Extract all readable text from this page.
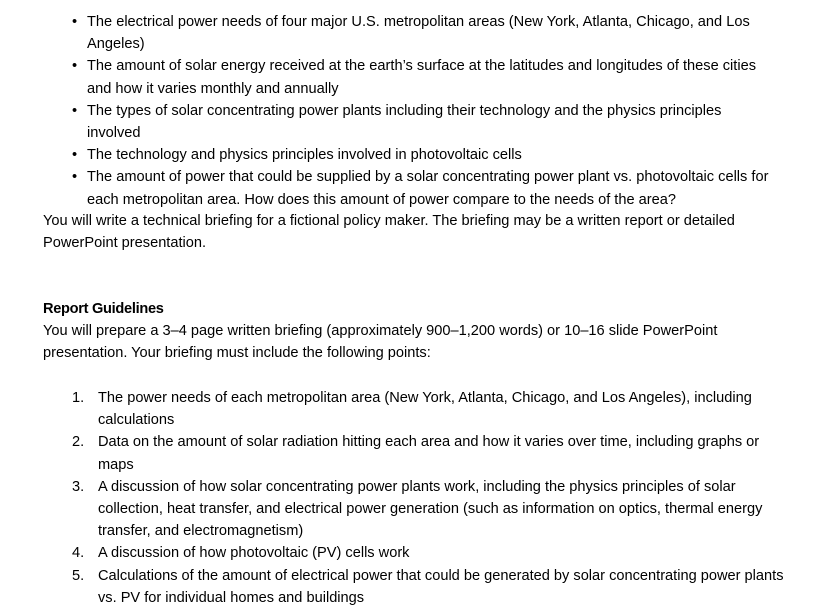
• The electrical power needs of four major U.S. metropolitan areas (New York, Atlanta, Chicago, and Los Angeles)
• The amount of solar energy received at the earth’s surface at the latitudes and longitudes of these cities and how it varies monthly and annually
• The types of solar concentrating power plants including their technology and the physics principles involved
• The technology and physics principles involved in photovoltaic cells
• The amount of power that could be supplied by a solar concentrating power plant vs. photovoltaic cells for each metropolitan area. How does this amount of power compare to the needs of the area?

You will write a technical briefing for a fictional policy maker. The briefing may be a written report or detailed PowerPoint presentation.

Report Guidelines

You will prepare a 3–4 page written briefing (approximately 900–1,200 words) or 10–16 slide PowerPoint presentation. Your briefing must include the following points:

1. The power needs of each metropolitan area (New York, Atlanta, Chicago, and Los Angeles), including calculations
2. Data on the amount of solar radiation hitting each area and how it varies over time, including graphs or maps
3. A discussion of how solar concentrating power plants work, including the physics principles of solar collection, heat transfer, and electrical power generation (such as information on optics, thermal energy transfer, and electromagnetism)
4. A discussion of how photovoltaic (PV) cells work
5. Calculations of the amount of electrical power that could be generated by solar concentrating power plants vs. PV for individual homes and buildings
